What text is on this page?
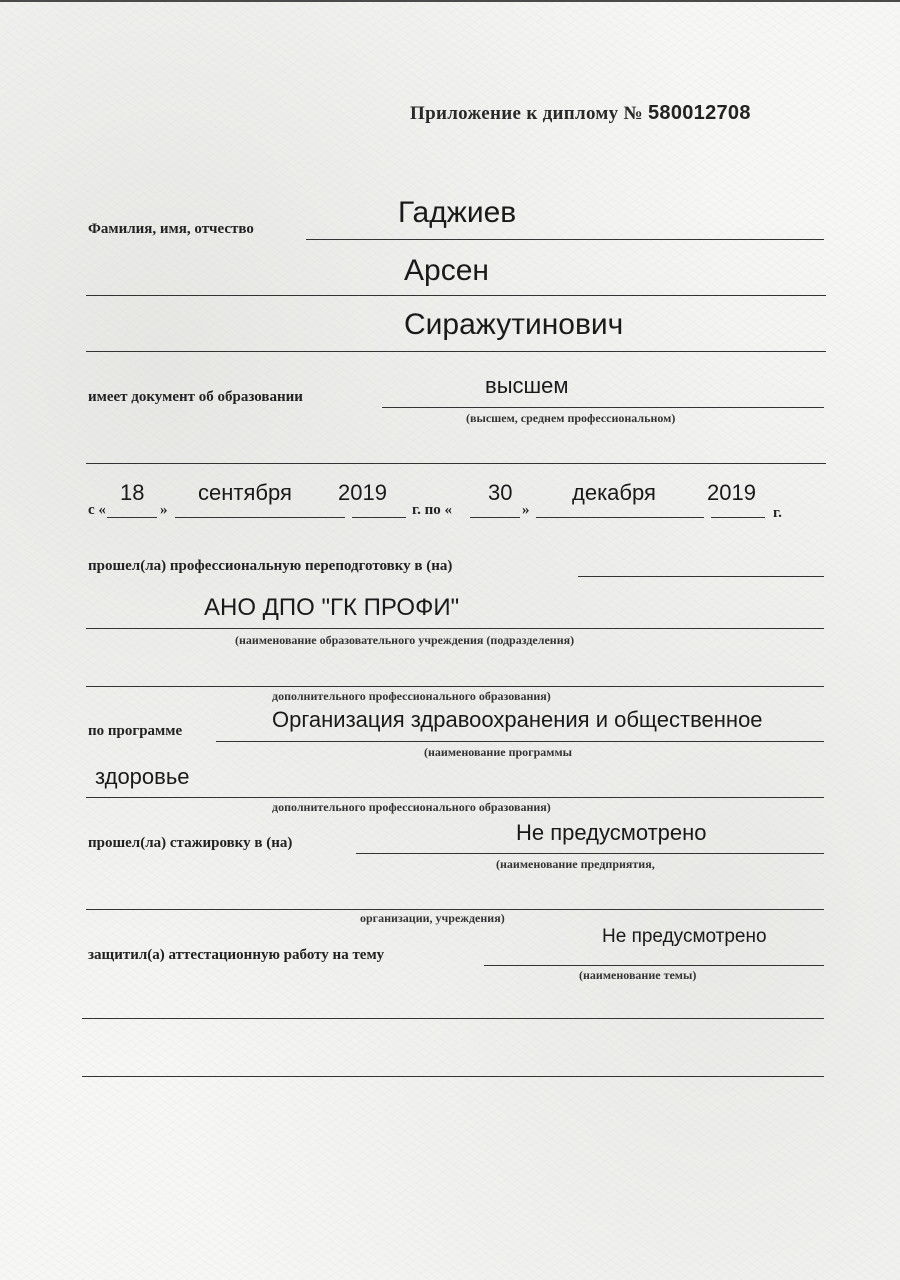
Приложение к диплому № 580012708
Фамилия, имя, отчество	Гаджиев
Арсен
Сиражутинович
имеет документ об образовании	высшем
(высшем, среднем профессиональном)
с «
18
»
сентября 2019
г. по «
30
»
декабря 2019
г.
прошел(ла) профессиональную переподготовку в (на)
АНО ДПО "ГК ПРОФИ"
(наименование образовательного учреждения (подразделения)
дополнительного профессионального образования)
по программе	Организация здравоохранения и общественное
(наименование программы
здоровье
дополнительного профессионального образования)
прошел(ла) стажировку в (на)	Не предусмотрено
(наименование предприятия,
организации, учреждения)
защитил(а) аттестационную работу на тему
Не предусмотрено
(наименование темы)
